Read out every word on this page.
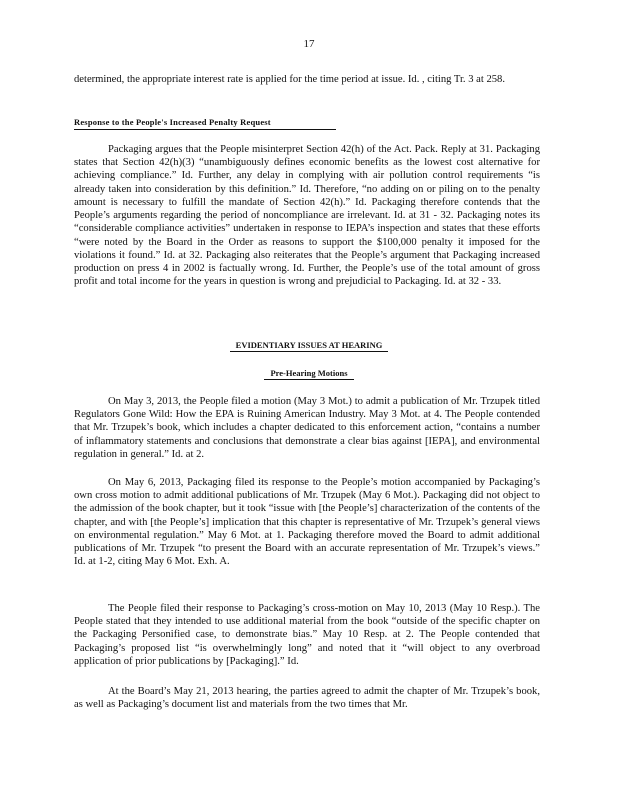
17

determined, the appropriate interest rate is applied for the time period at issue. Id. , citing Tr. 3 at 258.

Response to the People's Increased Penalty Request

Packaging argues that the People misinterpret Section 42(h) of the Act. Pack. Reply at 31. Packaging states that Section 42(h)(3) “unambiguously defines economic benefits as the lowest cost alternative for achieving compliance.” Id. Further, any delay in complying with air pollution control requirements “is already taken into consideration by this definition.” Id. Therefore, “no adding on or piling on to the penalty amount is necessary to fulfill the mandate of Section 42(h).” Id. Packaging therefore contends that the People’s arguments regarding the period of noncompliance are irrelevant. Id. at 31 - 32. Packaging notes its “considerable compliance activities” undertaken in response to IEPA’s inspection and states that these efforts “were noted by the Board in the Order as reasons to support the $100,000 penalty it imposed for the violations it found.” Id. at 32. Packaging also reiterates that the People’s argument that Packaging increased production on press 4 in 2002 is factually wrong. Id. Further, the People’s use of the total amount of gross profit and total income for the years in question is wrong and prejudicial to Packaging. Id. at 32 - 33.

EVIDENTIARY ISSUES AT HEARING
Pre-Hearing Motions

On May 3, 2013, the People filed a motion (May 3 Mot.) to admit a publication of Mr. Trzupek titled Regulators Gone Wild: How the EPA is Ruining American Industry. May 3 Mot. at 4. The People contended that Mr. Trzupek’s book, which includes a chapter dedicated to this enforcement action, “contains a number of inflammatory statements and conclusions that demonstrate a clear bias against [IEPA], and environmental regulation in general.” Id. at 2.

On May 6, 2013, Packaging filed its response to the People’s motion accompanied by Packaging’s own cross motion to admit additional publications of Mr. Trzupek (May 6 Mot.). Packaging did not object to the admission of the book chapter, but it took “issue with [the People’s] characterization of the contents of the chapter, and with [the People’s] implication that this chapter is representative of Mr. Trzupek’s general views on environmental regulation.” May 6 Mot. at 1. Packaging therefore moved the Board to admit additional publications of Mr. Trzupek “to present the Board with an accurate representation of Mr. Trzupek’s views.” Id. at 1-2, citing May 6 Mot. Exh. A.

The People filed their response to Packaging’s cross-motion on May 10, 2013 (May 10 Resp.). The People stated that they intended to use additional material from the book “outside of the specific chapter on the Packaging Personified case, to demonstrate bias.” May 10 Resp. at 2. The People contended that Packaging’s proposed list “is overwhelmingly long” and noted that it “will object to any overbroad application of prior publications by [Packaging].” Id.

At the Board’s May 21, 2013 hearing, the parties agreed to admit the chapter of Mr. Trzupek’s book, as well as Packaging’s document list and materials from the two times that Mr.
